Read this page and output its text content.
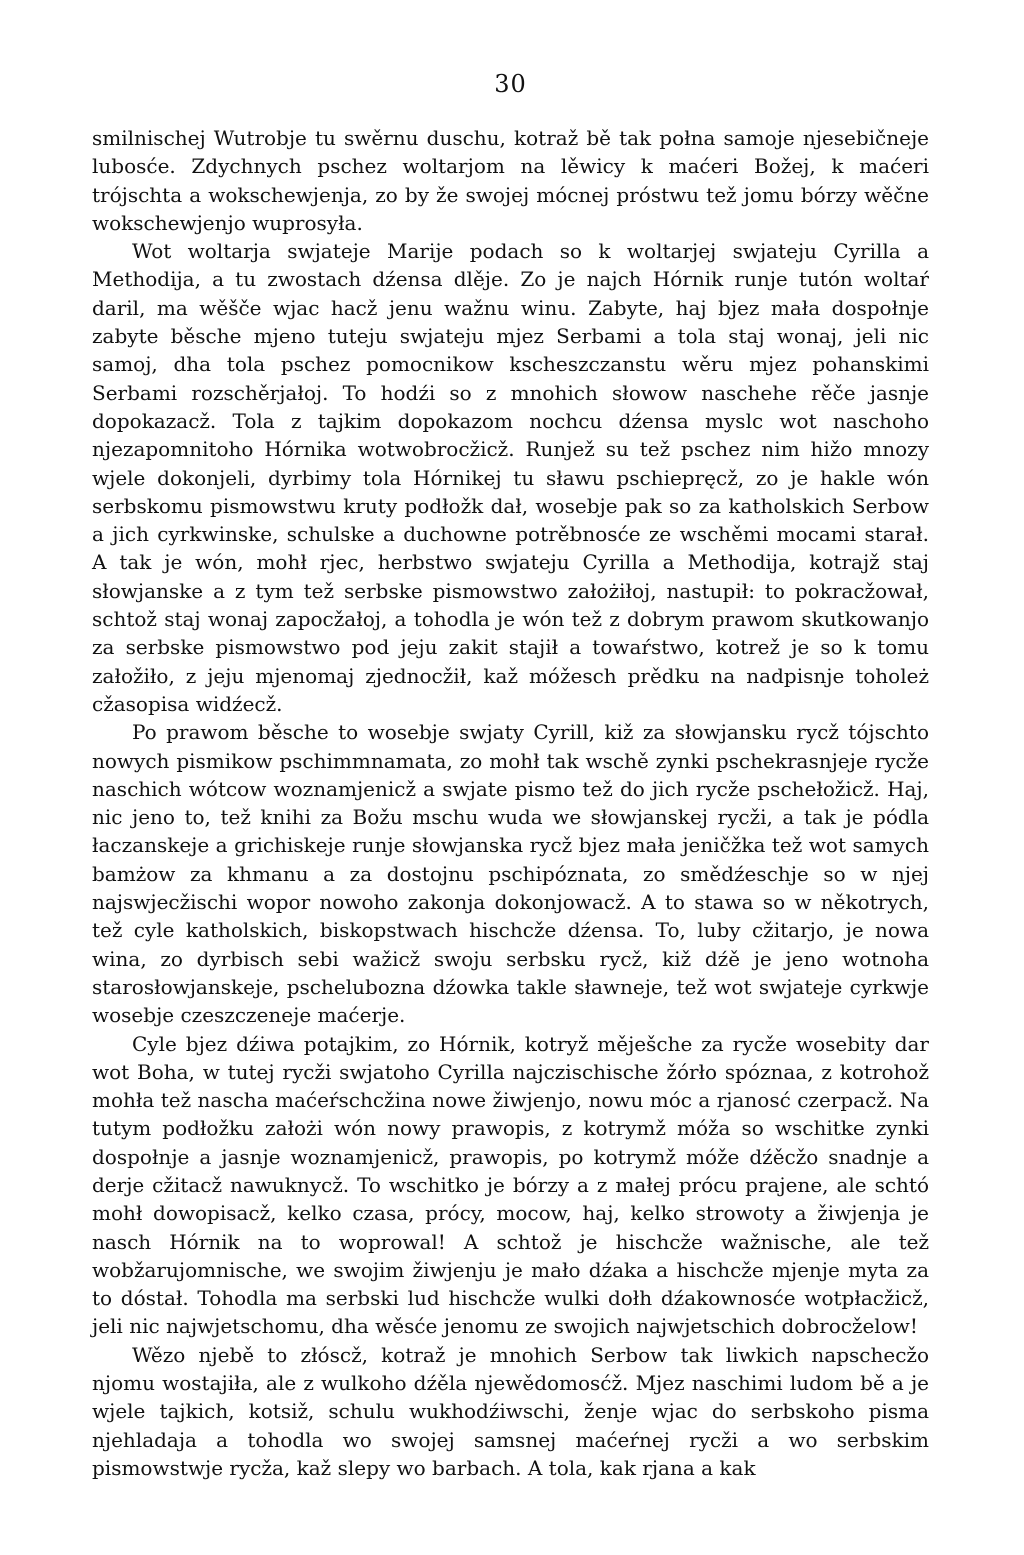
30

smilnischej Wutrobje tu swěrnu duschu, kotraž bě tak połna samoje njesebičneje lubosće. Zdychnych pschez woltarjom na lěwicy k maćeri Božej, k maćeri trójschta a wokschewjenja, zo by že swojej mócnej próstwu tež jomu bórzy wěčne wokschewjenjo wuprosyła.

Wot woltarja swjateje Marije podach so k woltarjej swjateju Cyrilla a Methodija, a tu zwostach dźensa dlěje. Zo je najch Hórnik runje tutón woltaŕ daril, ma wěšče wjac hacž jenu wažnu winu. Zabyte, haj bjez mała dospołnje zabyte běsche mjeno tuteju swjateju mjez Serbami a tola staj wonaj, jeli nic samoj, dha tola pschez pomocnikow kscheszczanstu wěru mjez pohanskimi Serbami rozschěrjałoj. To hodźi so z mnohich słowow naschehe rěče jasnje dopokazacž. Tola z tajkim dopokazom nochcu dźensa myslc wot naschoho njezapomnitoho Hórnika wotwobrocžicž. Runjež su tež pschez nim hižo mnozy wjele dokonjeli, dyrbimy tola Hórnikej tu sławu pschiepręcž, zo je hakle wón serbskomu pismowstwu kruty podłožk dał, wosebje pak so za katholskich Serbow a jich cyrkwinske, schulske a duchowne potrěbnosće ze wschěmi mocami starał. A tak je wón, mohł rjec, herbstwo swjateju Cyrilla a Methodija, kotrajž staj słowjanske a z tym tež serbske pismowstwo założiłoj, nastupił: to pokracžował, schtož staj wonaj zapocžałoj, a tohodla je wón tež z dobrym prawom skutkowanjo za serbske pismowstwo pod jeju zakit stajił a towaŕstwo, kotrež je so k tomu załožiło, z jeju mjenomaj zjednocžił, kaž móžesch prědku na nadpisnje toholeż cžasopisa widźecž.

Po prawom běsche to wosebje swjaty Cyrill, kiž za słowjansku rycž tójschto nowych pismikow pschimmnamata, zo mohł tak wschě zynki pschekrasnjeje rycže naschich wótcow woznamjenicž a swjate pismo tež do jich rycže pschełožicž. Haj, nic jeno to, tež knihi za Božu mschu wuda we słowjanskej rycži, a tak je pódla łaczanskeje a grichiskeje runje słowjanska rycž bjez mała jeničžka tež wot samych bamżow za khmanu a za dostojnu pschipóznata, zo smědźeschje so w njej najswjecžischi wopor nowoho zakonja dokonjowacž. A to stawa so w někotrych, tež cyle katholskich, biskopstwach hischcže dźensa. To, luby cžitarjo, je nowa wina, zo dyrbisch sebi wažicž swoju serbsku rycž, kiž dźě je jeno wotnoha starosłowjanskeje, pschelubozna dźowka takle sławneje, tež wot swjateje cyrkwje wosebje czeszczeneje maćerje.

Cyle bjez dźiwa potajkim, zo Hórnik, kotryž měješche za rycže wosebity dar wot Boha, w tutej rycži swjatoho Cyrilla najczischische žórło spóznaa, z kotrohož mohła tež nascha maćeŕschcžina nowe žiwjenjo, nowu móc a rjanosć czerpacž. Na tutym podłožku założi wón nowy prawopis, z kotrymž móža so wschitke zynki dospołnje a jasnje woznamjenicž, prawopis, po kotrymž móže dźěcžo snadnje a derje cžitacž nawuknycž. To wschitko je bórzy a z małej prócu prajene, ale schtó mohł dowopisacž, kelko czasa, prócy, mocow, haj, kelko strowoty a žiwjenja je nasch Hórnik na to woprowal! A schtož je hischcže wažnische, ale tež wobžarujomnische, we swojim žiwjenju je mało dźaka a hischcže mjenje myta za to dóstał. Tohodla ma serbski lud hischcže wulki dołh dźakownosće wotpłacžicž, jeli nic najwjetschomu, dha wěsće jenomu ze swojich najwjetschich dobrocželow!

Wězo njebě to złóscž, kotraž je mnohich Serbow tak liwkich napschecžo njomu wostajiła, ale z wulkoho dźěla njewědomosćž. Mjez naschimi ludom bě a je wjele tajkich, kotsiž, schulu wukhodźiwschi, ženje wjac do serbskoho pisma njehladaja a tohodla wo swojej samsnej maćeŕnej rycži a wo serbskim pismowstwje rycža, kaž slepy wo barbach. A tola, kak rjana a kak
